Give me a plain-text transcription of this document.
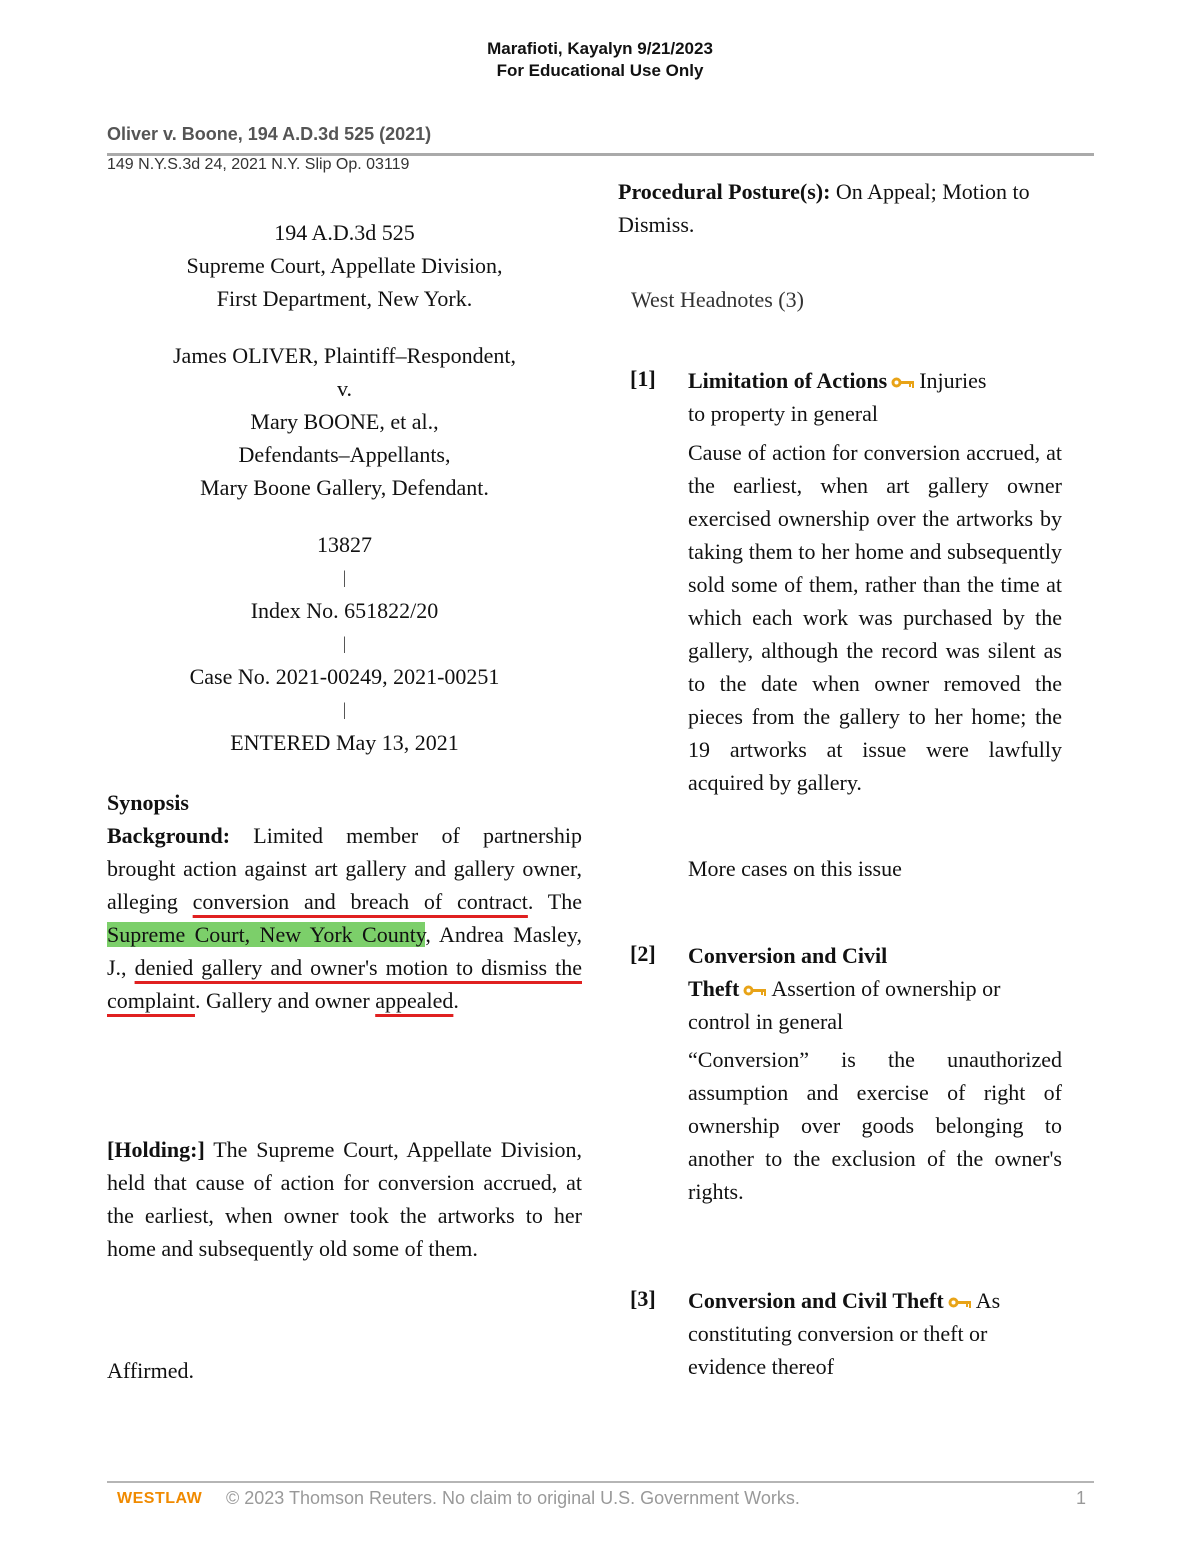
Marafioti, Kayalyn 9/21/2023
For Educational Use Only
Oliver v. Boone, 194 A.D.3d 525 (2021)
149 N.Y.S.3d 24, 2021 N.Y. Slip Op. 03119
194 A.D.3d 525
Supreme Court, Appellate Division,
First Department, New York.
James OLIVER, Plaintiff–Respondent,
v.
Mary BOONE, et al.,
Defendants–Appellants,
Mary Boone Gallery, Defendant.
13827
|
Index No. 651822/20
|
Case No. 2021-00249, 2021-00251
|
ENTERED May 13, 2021
Synopsis
Background: Limited member of partnership brought action against art gallery and gallery owner, alleging conversion and breach of contract. The Supreme Court, New York County, Andrea Masley, J., denied gallery and owner's motion to dismiss the complaint. Gallery and owner appealed.
[Holding:] The Supreme Court, Appellate Division, held that cause of action for conversion accrued, at the earliest, when owner took the artworks to her home and subsequently old some of them.
Affirmed.
Procedural Posture(s): On Appeal; Motion to Dismiss.
West Headnotes (3)
[1] Limitation of Actions Injuries
to property in general
Cause of action for conversion accrued, at the earliest, when art gallery owner exercised ownership over the artworks by taking them to her home and subsequently sold some of them, rather than the time at which each work was purchased by the gallery, although the record was silent as to the date when owner removed the pieces from the gallery to her home; the 19 artworks at issue were lawfully acquired by gallery.
More cases on this issue
[2] Conversion and Civil
Theft Assertion of ownership or
control in general
“Conversion” is the unauthorized assumption and exercise of right of ownership over goods belonging to another to the exclusion of the owner's rights.
[3] Conversion and Civil Theft As
constituting conversion or theft or
evidence thereof
WESTLAW © 2023 Thomson Reuters. No claim to original U.S. Government Works.	1
